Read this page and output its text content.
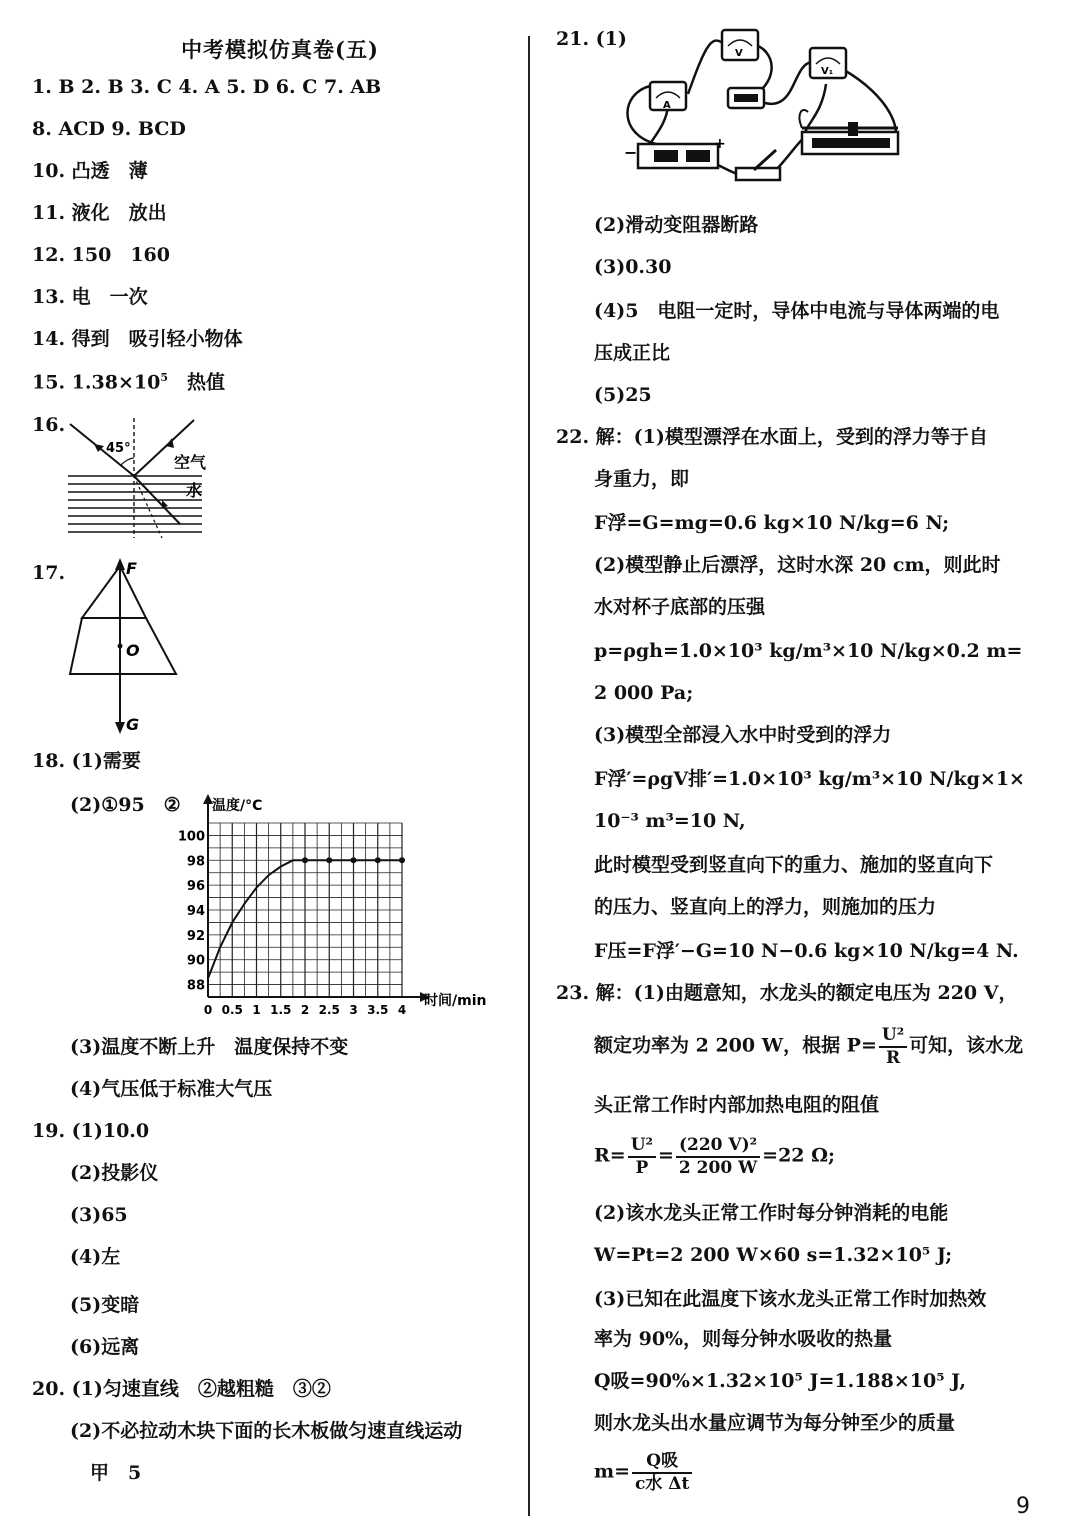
中考模拟仿真卷(五)
1. B 2. B 3. C 4. A 5. D 6. C 7. AB
8. ACD 9. BCD
10. 凸透　薄
11. 液化　放出
12. 150　160
13. 电　一次
14. 得到　吸引轻小物体
15. $1.38\times 10^5$　热值
16.
45°
空气
水
17.	F
O
G
18. (1)需要
(2)①95　②
0 0.5 1 1.5 2 2.5 3 3.5 4
88
90
92
94
96
98
100
温度/°C
时间/min
(3)温度不断上升　温度保持不变
(4)气压低于标准大气压
19. (1)10.0
(2)投影仪
(3)65
(4)左
(5)变暗
(6)远离
20. (1)匀速直线　②越粗糙　③②
(2)不必拉动木块下面的长木板做匀速直线运动
甲　5
21. (1)
A
V
V₁
−	+
(2)滑动变阻器断路
(3)0.30
(4)5　电阻一定时，导体中电流与导体两端的电
压成正比
(5)25
22. 解：(1)模型漂浮在水面上，受到的浮力等于自
身重力，即
F浮=G=mg=0.6 kg×10 N/kg=6 N;
(2)模型静止后漂浮，这时水深 20 cm，则此时
水对杯子底部的压强
p=ρgh=1.0×10³ kg/m³×10 N/kg×0.2 m=
2 000 Pa;
(3)模型全部浸入水中时受到的浮力
F浮′=ρgV排′=1.0×10³ kg/m³×10 N/kg×1×
10⁻³ m³=10 N,
此时模型受到竖直向下的重力、施加的竖直向下
的压力、竖直向上的浮力，则施加的压力
F压=F浮′−G=10 N−0.6 kg×10 N/kg=4 N.
23. 解：(1)由题意知，水龙头的额定电压为 220 V，
额定功率为 2 200 W，根据 $P= \frac{\text{U²}}{R}$ 可知，该水龙
头正常工作时内部加热电阻的阻值
$R= \frac{\text{U²}}{P} = \frac{\text{(220 V)²}}{2 200 W} =22$ Ω;
(2)该水龙头正常工作时每分钟消耗的电能
W=Pt=2 200 W×60 s=1.32×10⁵ J;
(3)已知在此温度下该水龙头正常工作时加热效
率为 90%，则每分钟水吸收的热量
Q吸=90%×1.32×10⁵ J=1.188×10⁵ J,
则水龙头出水量应调节为每分钟至少的质量
$m= \frac{\text{Q吸}}{\text{c水 Δt}}$
9
